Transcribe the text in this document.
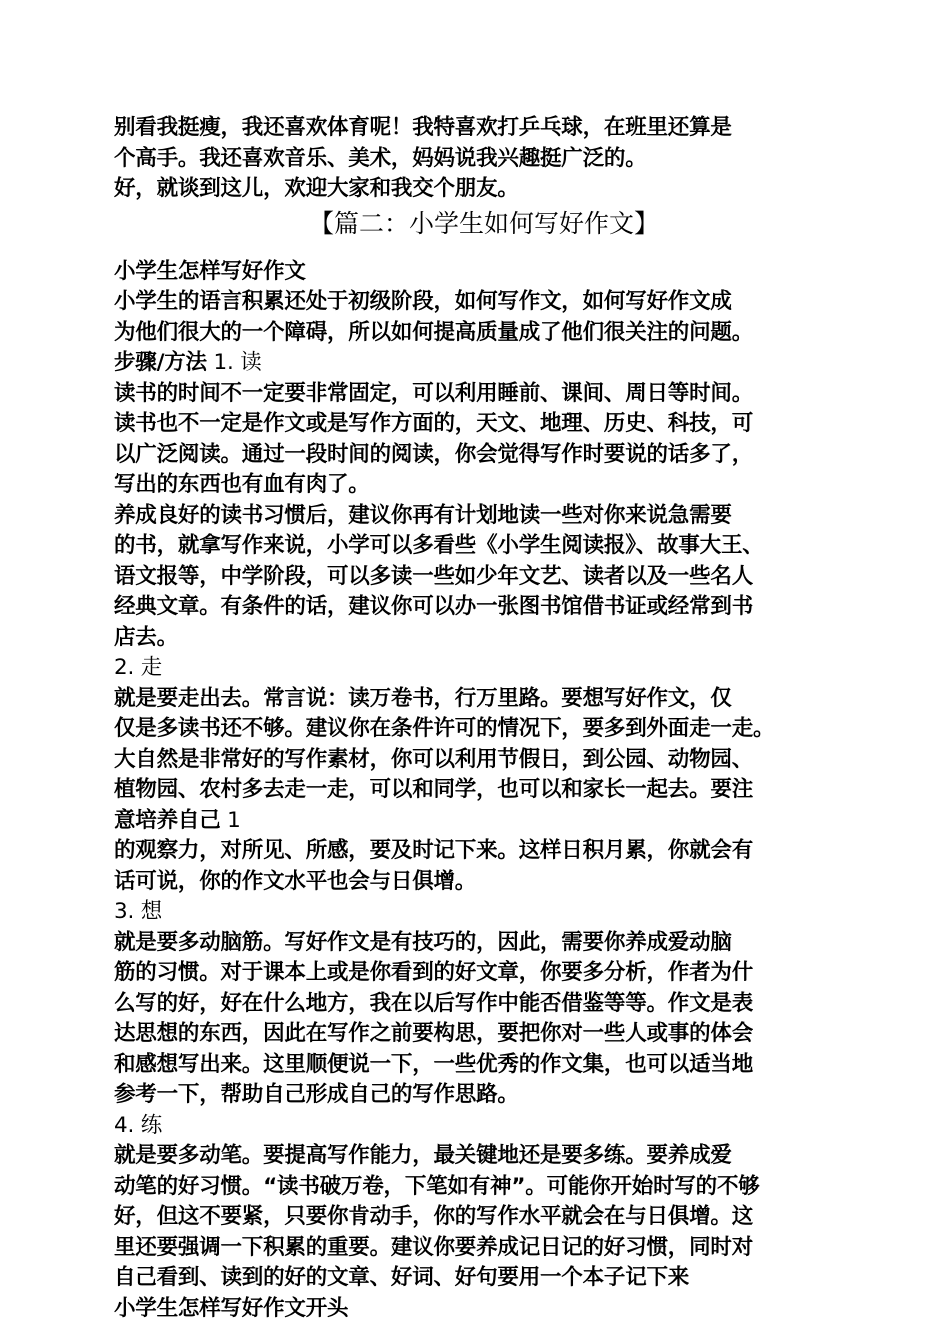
别看我挺瘦，我还喜欢体育呢！我特喜欢打乒乓球，在班里还算是
个高手。我还喜欢音乐、美术，妈妈说我兴趣挺广泛的。
好，就谈到这儿，欢迎大家和我交个朋友。
【篇二：小学生如何写好作文】
小学生怎样写好作文
小学生的语言积累还处于初级阶段，如何写作文，如何写好作文成
为他们很大的一个障碍，所以如何提高质量成了他们很关注的问题。
步骤/方法 1. 读
读书的时间不一定要非常固定，可以利用睡前、课间、周日等时间。
读书也不一定是作文或是写作方面的，天文、地理、历史、科技，可
以广泛阅读。通过一段时间的阅读，你会觉得写作时要说的话多了，
写出的东西也有血有肉了。
养成良好的读书习惯后，建议你再有计划地读一些对你来说急需要
的书，就拿写作来说，小学可以多看些《小学生阅读报》、故事大王、
语文报等，中学阶段，可以多读一些如少年文艺、读者以及一些名人
经典文章。有条件的话，建议你可以办一张图书馆借书证或经常到书
店去。
2. 走
就是要走出去。常言说：读万卷书，行万里路。要想写好作文，仅
仅是多读书还不够。建议你在条件许可的情况下，要多到外面走一走。
大自然是非常好的写作素材，你可以利用节假日，到公园、动物园、
植物园、农村多去走一走，可以和同学，也可以和家长一起去。要注
意培养自己 1
的观察力，对所见、所感，要及时记下来。这样日积月累，你就会有
话可说，你的作文水平也会与日俱增。
3. 想
就是要多动脑筋。写好作文是有技巧的，因此，需要你养成爱动脑
筋的习惯。对于课本上或是你看到的好文章，你要多分析，作者为什
么写的好，好在什么地方，我在以后写作中能否借鉴等等。作文是表
达思想的东西，因此在写作之前要构思，要把你对一些人或事的体会
和感想写出来。这里顺便说一下，一些优秀的作文集，也可以适当地
参考一下，帮助自己形成自己的写作思路。
4. 练
就是要多动笔。要提高写作能力，最关键地还是要多练。要养成爱
动笔的好习惯。“读书破万卷，下笔如有神”。可能你开始时写的不够
好，但这不要紧，只要你肯动手，你的写作水平就会在与日俱增。这
里还要强调一下积累的重要。建议你要养成记日记的好习惯，同时对
自己看到、读到的好的文章、好词、好句要用一个本子记下来
小学生怎样写好作文开头
